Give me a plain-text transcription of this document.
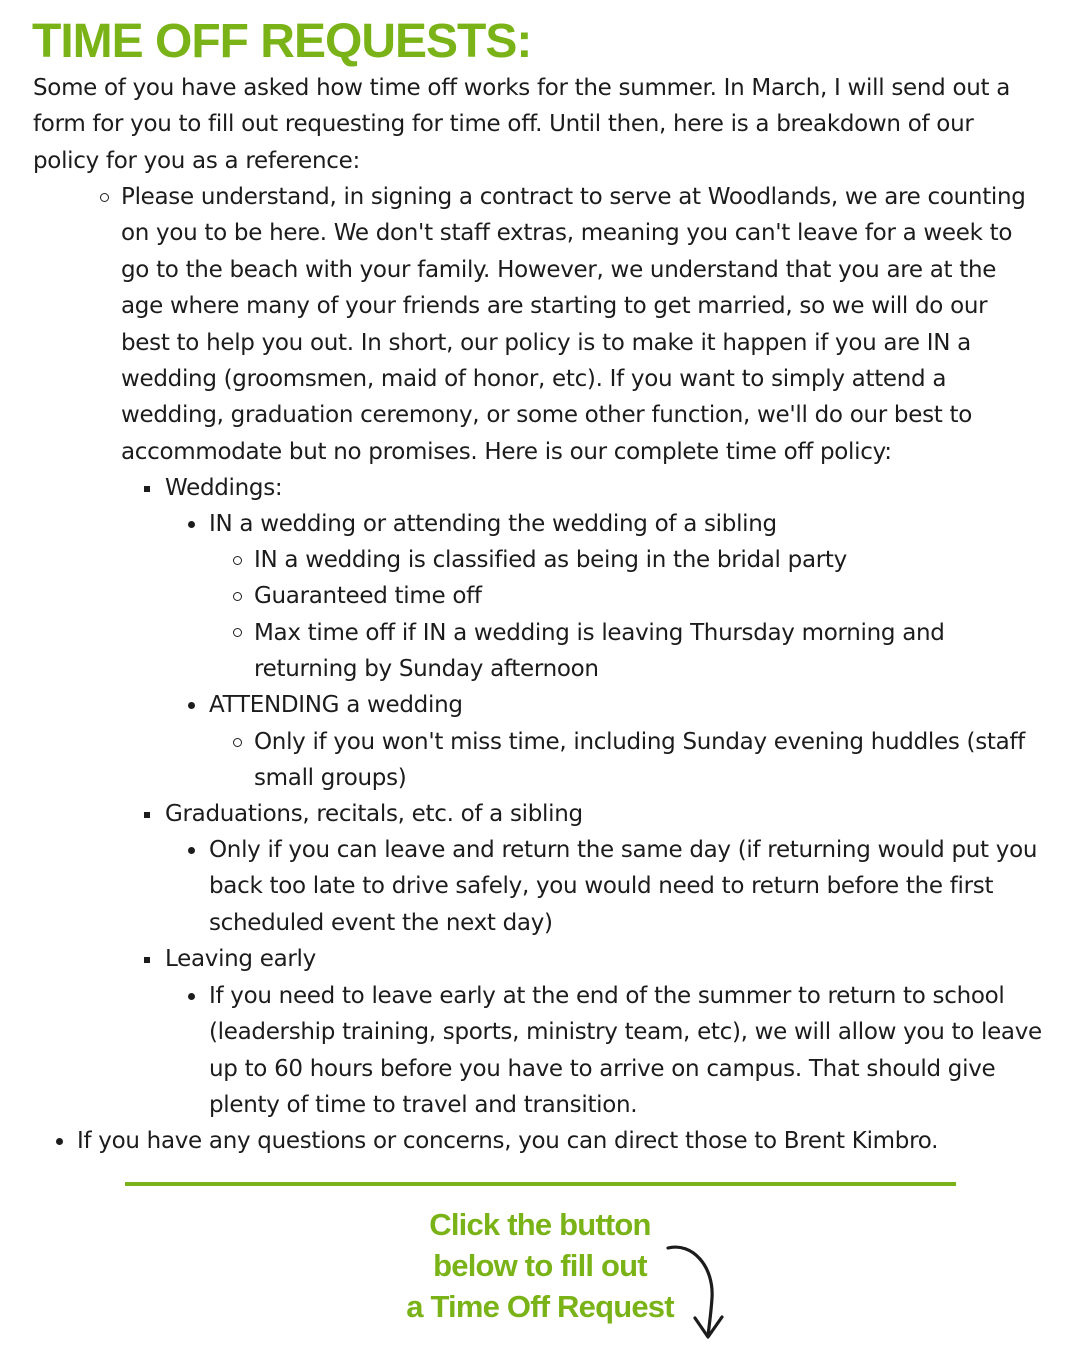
TIME OFF REQUESTS:

Some of you have asked how time off works for the summer. In March, I will send out a form for you to fill out requesting for time off. Until then, here is a breakdown of our policy for you as a reference:

Please understand, in signing a contract to serve at Woodlands, we are counting on you to be here. We don't staff extras, meaning you can't leave for a week to go to the beach with your family. However, we understand that you are at the age where many of your friends are starting to get married, so we will do our best to help you out. In short, our policy is to make it happen if you are IN a wedding (groomsmen, maid of honor, etc). If you want to simply attend a wedding, graduation ceremony, or some other function, we'll do our best to accommodate but no promises. Here is our complete time off policy:
Weddings:
IN a wedding or attending the wedding of a sibling
IN a wedding is classified as being in the bridal party
Guaranteed time off
Max time off if IN a wedding is leaving Thursday morning and returning by Sunday afternoon
ATTENDING a wedding
Only if you won't miss time, including Sunday evening huddles (staff small groups)
Graduations, recitals, etc. of a sibling
Only if you can leave and return the same day (if returning would put you back too late to drive safely, you would need to return before the first scheduled event the next day)
Leaving early
If you need to leave early at the end of the summer to return to school (leadership training, sports, ministry team, etc), we will allow you to leave up to 60 hours before you have to arrive on campus. That should give plenty of time to travel and transition.
If you have any questions or concerns, you can direct those to Brent Kimbro.
Click the button
below to fill out
a Time Off Request
